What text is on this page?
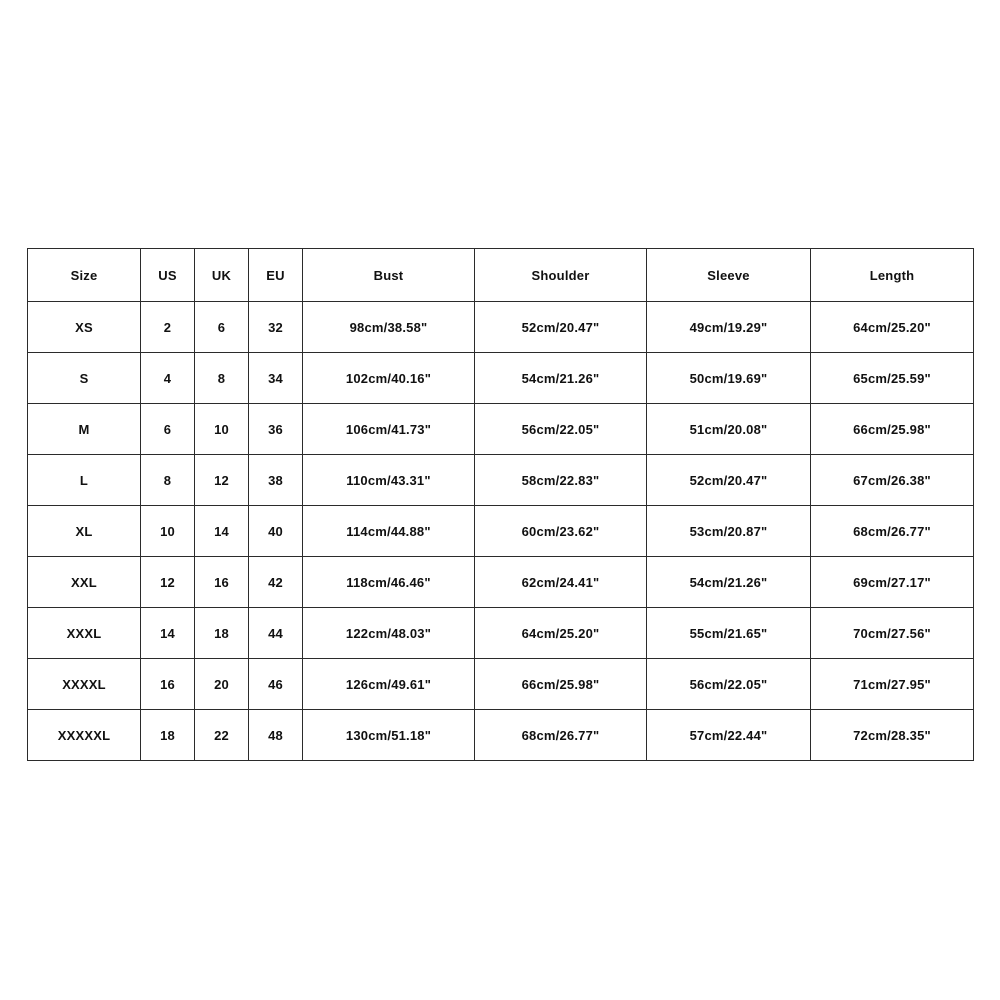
Size	US	UK	EU	Bust	Shoulder	Sleeve	Length
XS	2	6	32	98cm/38.58"	52cm/20.47"	49cm/19.29"	64cm/25.20"
S	4	8	34	102cm/40.16"	54cm/21.26"	50cm/19.69"	65cm/25.59"
M	6	10	36	106cm/41.73"	56cm/22.05"	51cm/20.08"	66cm/25.98"
L	8	12	38	110cm/43.31"	58cm/22.83"	52cm/20.47"	67cm/26.38"
XL	10	14	40	114cm/44.88"	60cm/23.62"	53cm/20.87"	68cm/26.77"
XXL	12	16	42	118cm/46.46"	62cm/24.41"	54cm/21.26"	69cm/27.17"
XXXL	14	18	44	122cm/48.03"	64cm/25.20"	55cm/21.65"	70cm/27.56"
XXXXL	16	20	46	126cm/49.61"	66cm/25.98"	56cm/22.05"	71cm/27.95"
XXXXXL	18	22	48	130cm/51.18"	68cm/26.77"	57cm/22.44"	72cm/28.35"
